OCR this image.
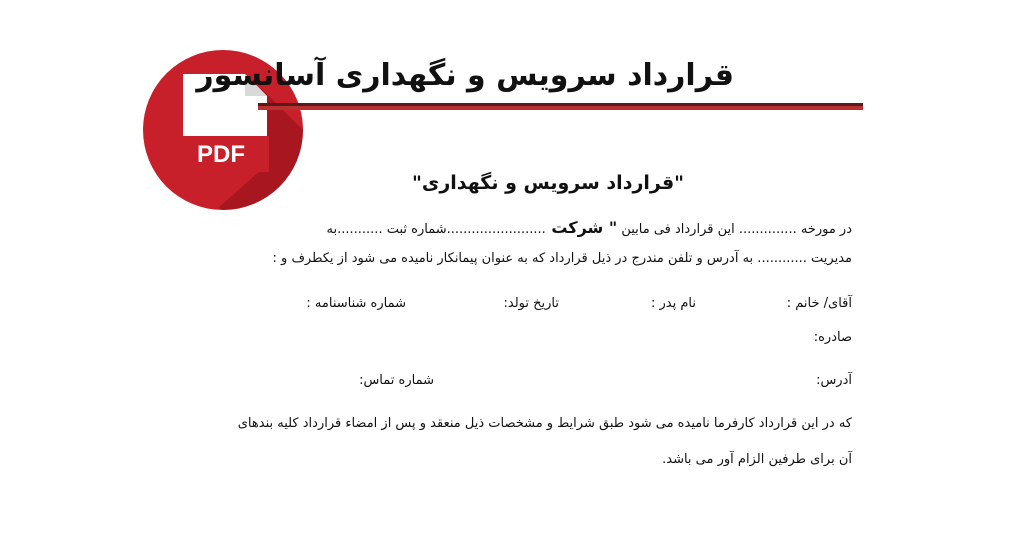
PDF
قرارداد سرویس و نگهداری آسانسور
"قرارداد سرویس و نگهداری"
در مورخه .............. این قرارداد فی مابین " شرکت ........................شماره ثبت ...........به
مدیریت ............ به آدرس و تلفن مندرج در ذیل قرارداد که به عنوان پیمانکار نامیده می شود از یکطرف و :
آقای/ خانم :
نام پدر :
تاریخ تولد:
شماره شناسنامه :
صادره:
آدرس:
شماره تماس:
که در این قرارداد کارفرما نامیده می شود طبق شرایط و مشخصات ذیل منعقد و پس از امضاء قرارداد کلیه بندهای
آن برای طرفین الزام آور می باشد.
